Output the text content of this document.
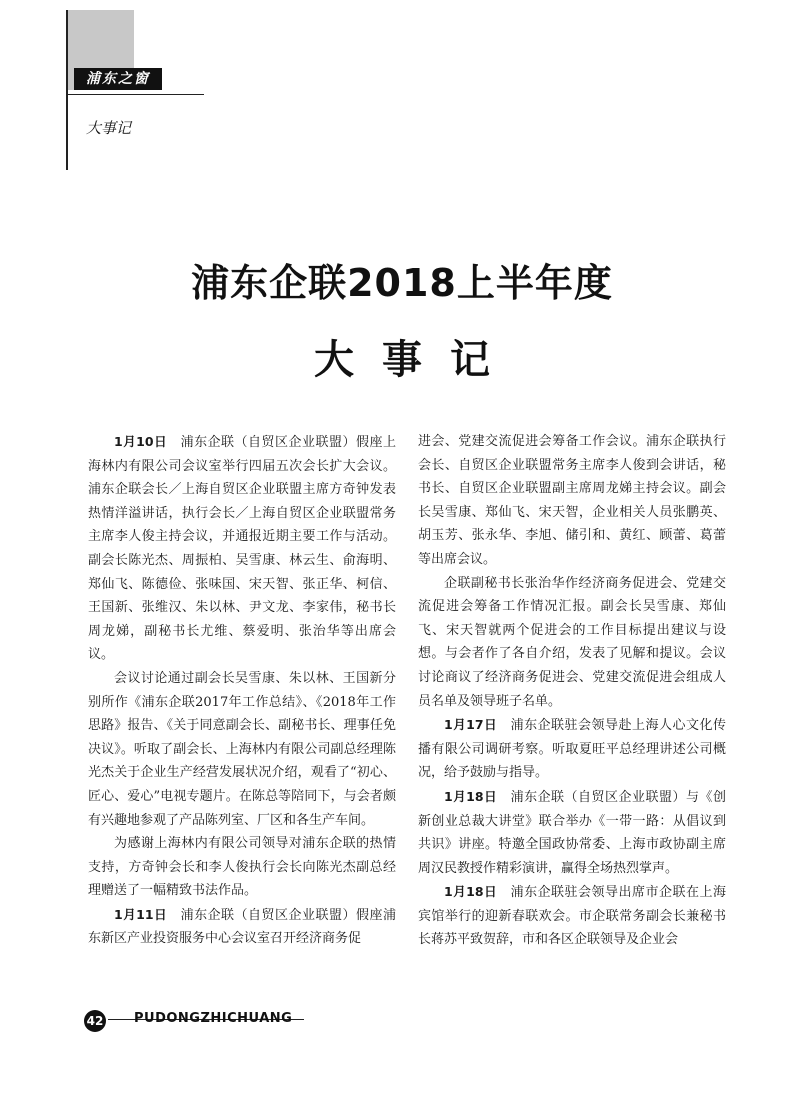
浦东之窗
大事记
浦东企联2018上半年度
大事记

1月10日　 浦东企联（自贸区企业联盟）假座上海林内有限公司会议室举行四届五次会长扩大会议。浦东企联会长／上海自贸区企业联盟主席方奇钟发表热情洋溢讲话，执行会长／上海自贸区企业联盟常务主席李人俊主持会议，并通报近期主要工作与活动。副会长陈光杰、周振柏、吴雪康、林云生、俞海明、郑仙飞、陈德俭、张味国、宋天智、张正华、柯信、王国新、张维汉、朱以林、尹文龙、李家伟，秘书长周龙娣，副秘书长尤维、蔡爱明、张治华等出席会议。

会议讨论通过副会长吴雪康、朱以林、王国新分别所作《浦东企联2017年工作总结》、《2018年工作思路》报告、《关于同意副会长、副秘书长、理事任免决议》。听取了副会长、上海林内有限公司副总经理陈光杰关于企业生产经营发展状况介绍，观看了“初心、匠心、爱心”电视专题片。在陈总等陪同下，与会者颇有兴趣地参观了产品陈列室、厂区和各生产车间。

为感谢上海林内有限公司领导对浦东企联的热情支持，方奇钟会长和李人俊执行会长向陈光杰副总经理赠送了一幅精致书法作品。

1月11日　 浦东企联（自贸区企业联盟）假座浦东新区产业投资服务中心会议室召开经济商务促

进会、党建交流促进会筹备工作会议。浦东企联执行会长、自贸区企业联盟常务主席李人俊到会讲话，秘书长、自贸区企业联盟副主席周龙娣主持会议。副会长吴雪康、郑仙飞、宋天智，企业相关人员张鹏英、胡玉芳、张永华、李旭、储引和、黄红、顾蕾、葛蕾等出席会议。

企联副秘书长张治华作经济商务促进会、党建交流促进会筹备工作情况汇报。副会长吴雪康、郑仙飞、宋天智就两个促进会的工作目标提出建议与设想。与会者作了各自介绍，发表了见解和提议。会议讨论商议了经济商务促进会、党建交流促进会组成人员名单及领导班子名单。

1月17日　 浦东企联驻会领导赴上海人心文化传播有限公司调研考察。听取夏旺平总经理讲述公司概况，给予鼓励与指导。

1月18日　 浦东企联（自贸区企业联盟）与《创新创业总裁大讲堂》联合举办《一带一路：从倡议到共识》讲座。特邀全国政协常委、上海市政协副主席周汉民教授作精彩演讲，赢得全场热烈掌声。

1月18日　 浦东企联驻会领导出席市企联在上海宾馆举行的迎新春联欢会。市企联常务副会长兼秘书长蒋苏平致贺辞，市和各区企联领导及企业会

42 PUDONGZHICHUANG
